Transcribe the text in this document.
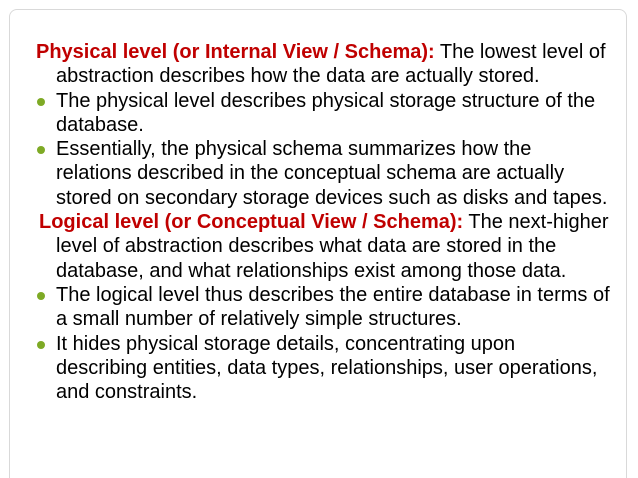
Physical level (or Internal View / Schema): The lowest level of abstraction describes how the data are actually stored.

The physical level describes physical storage structure of the database.
Essentially, the physical schema summarizes how the relations described in the conceptual schema are actually stored on secondary storage devices such as disks and tapes.

Logical level (or Conceptual View / Schema): The next-higher level of abstraction describes what data are stored in the database, and what relationships exist among those data.

The logical level thus describes the entire database in terms of a small number of relatively simple structures.
It hides physical storage details, concentrating upon describing entities, data types, relationships, user operations, and constraints.
